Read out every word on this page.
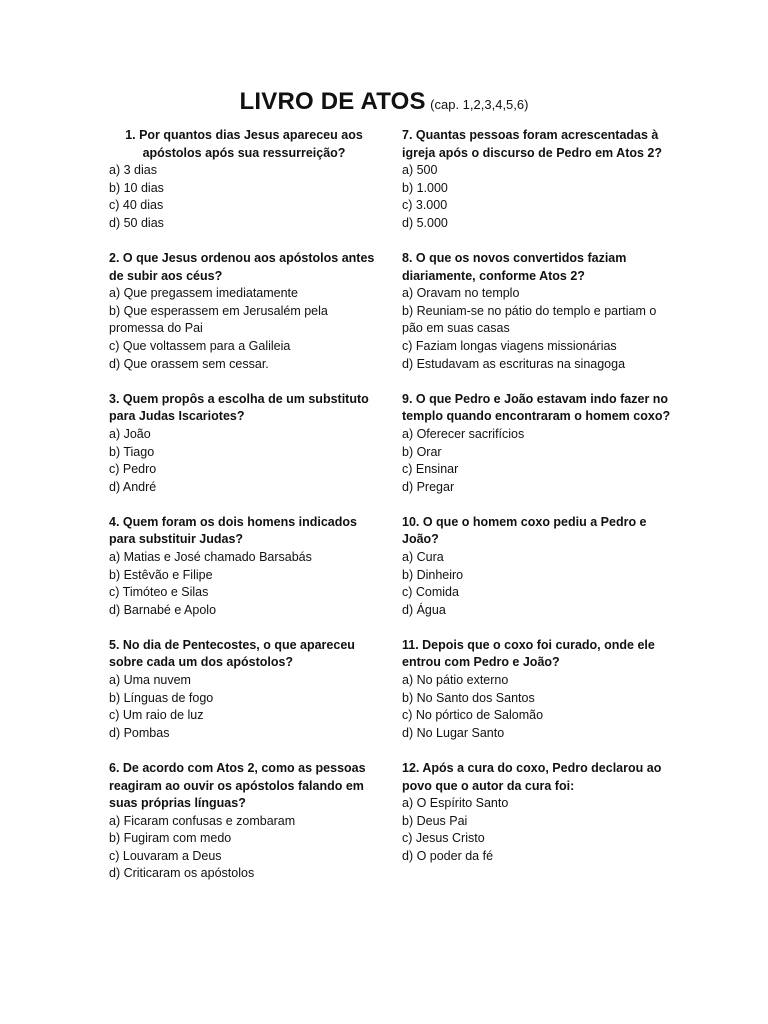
LIVRO DE ATOS (cap. 1,2,3,4,5,6)
1. Por quantos dias Jesus apareceu aos apóstolos após sua ressurreição?
a) 3 dias
b) 10 dias
c) 40 dias
d) 50 dias
2. O que Jesus ordenou aos apóstolos antes de subir aos céus?
a) Que pregassem imediatamente
b) Que esperassem em Jerusalém pela promessa do Pai
c) Que voltassem para a Galileia
d) Que orassem sem cessar.
3. Quem propôs a escolha de um substituto para Judas Iscariotes?
a) João
b) Tiago
c) Pedro
d) André
4. Quem foram os dois homens indicados para substituir Judas?
a) Matias e José chamado Barsabás
b) Estêvão e Filipe
c) Timóteo e Silas
d) Barnabé e Apolo
5. No dia de Pentecostes, o que apareceu sobre cada um dos apóstolos?
a) Uma nuvem
b) Línguas de fogo
c) Um raio de luz
d) Pombas
6. De acordo com Atos 2, como as pessoas reagiram ao ouvir os apóstolos falando em suas próprias línguas?
a) Ficaram confusas e zombaram
b) Fugiram com medo
c) Louvaram a Deus
d) Criticaram os apóstolos
7. Quantas pessoas foram acrescentadas à igreja após o discurso de Pedro em Atos 2?
a) 500
b) 1.000
c) 3.000
d) 5.000
8. O que os novos convertidos faziam diariamente, conforme Atos 2?
a) Oravam no templo
b) Reuniam-se no pátio do templo e partiam o pão em suas casas
c) Faziam longas viagens missionárias
d) Estudavam as escrituras na sinagoga
9. O que Pedro e João estavam indo fazer no templo quando encontraram o homem coxo?
a) Oferecer sacrifícios
b) Orar
c) Ensinar
d) Pregar
10. O que o homem coxo pediu a Pedro e João?
a) Cura
b) Dinheiro
c) Comida
d) Água
11. Depois que o coxo foi curado, onde ele entrou com Pedro e João?
a) No pátio externo
b) No Santo dos Santos
c) No pórtico de Salomão
d) No Lugar Santo
12. Após a cura do coxo, Pedro declarou ao povo que o autor da cura foi:
a) O Espírito Santo
b) Deus Pai
c) Jesus Cristo
d) O poder da fé
